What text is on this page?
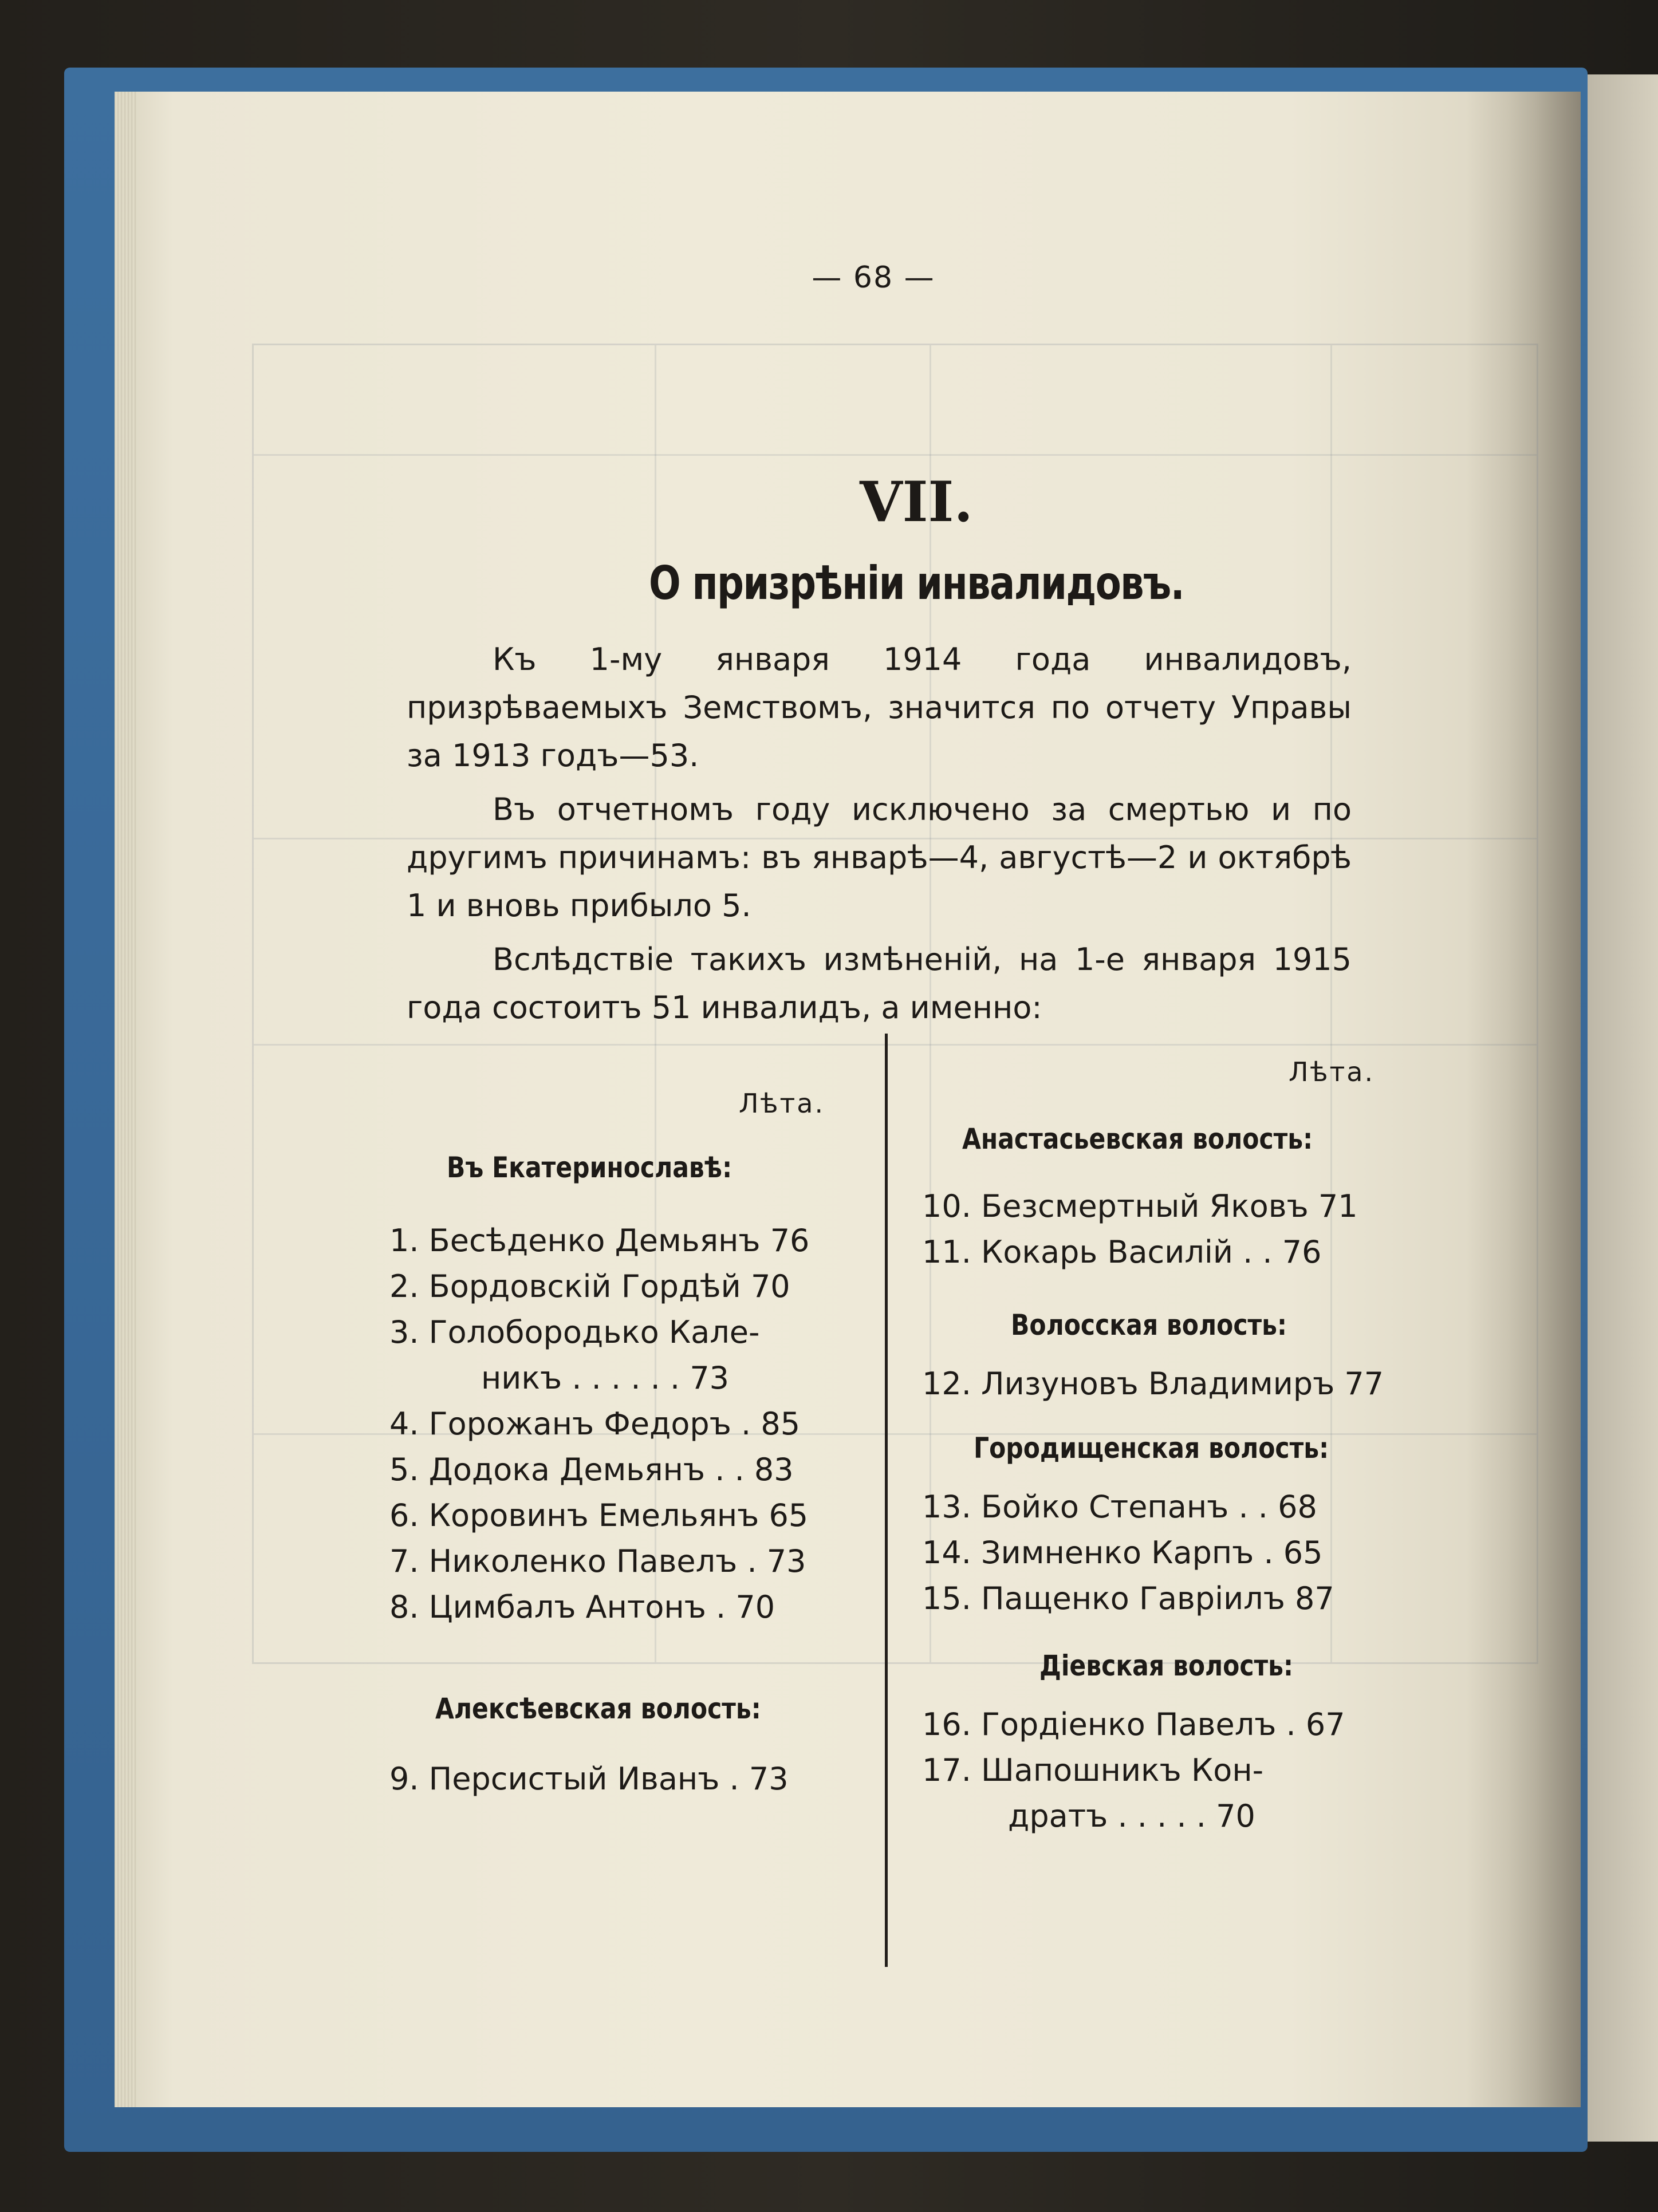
— 68 —
VII.
О призрѣніи инвалидовъ.
Къ 1-му января 1914 года инвалидовъ, призрѣваемыхъ Земствомъ, значится по отчету Управы за 1913 годъ—53.
Въ отчетномъ году исключено за смертью и по другимъ причинамъ: въ январѣ—4, августѣ—2 и октябрѣ 1 и вновь прибыло 5.
Вслѣдствіе такихъ измѣненій, на 1-е января 1915 года состоитъ 51 инвалидъ, а именно:
Лѣта.
Въ Екатеринославѣ:
1. Бесѣденко Демьянъ 76
2. Бордовскій Гордѣй 70
3. Голобородько Кале-
никъ . . . . . . 73
4. Горожанъ Федоръ . 85
5. Додока Демьянъ . . 83
6. Коровинъ Емельянъ 65
7. Николенко Павелъ . 73
8. Цимбалъ Антонъ . 70
Алексѣевская волость:
9. Персистый Иванъ . 73
Лѣта.
Анастасьевская волость:
10. Безсмертный Яковъ 71
11. Кокарь Василій . . 76
Волосская волость:
12. Лизуновъ Владимиръ 77
Городищенская волость:
13. Бойко Степанъ . . 68
14. Зимненко Карпъ . 65
15. Пащенко Гавріилъ 87
Діевская волость:
16. Гордіенко Павелъ . 67
17. Шапошникъ Кон-
дратъ . . . . . 70
